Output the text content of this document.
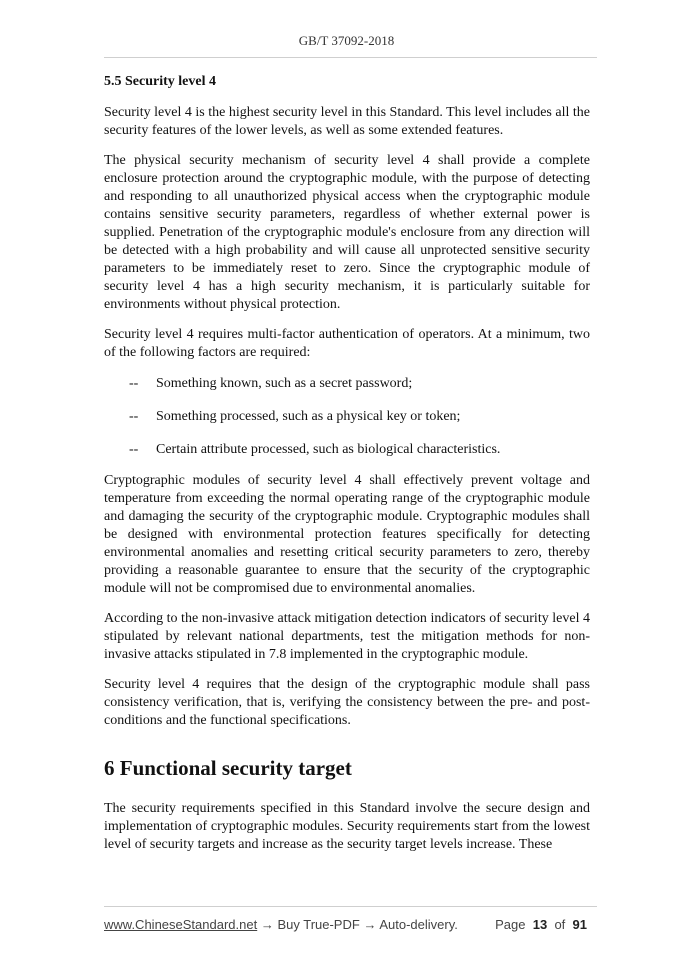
GB/T 37092-2018
5.5 Security level 4

Security level 4 is the highest security level in this Standard. This level includes all the security features of the lower levels, as well as some extended features.

The physical security mechanism of security level 4 shall provide a complete enclosure protection around the cryptographic module, with the purpose of detecting and responding to all unauthorized physical access when the cryptographic module contains sensitive security parameters, regardless of whether external power is supplied. Penetration of the cryptographic module's enclosure from any direction will be detected with a high probability and will cause all unprotected sensitive security parameters to be immediately reset to zero. Since the cryptographic module of security level 4 has a high security mechanism, it is particularly suitable for environments without physical protection.

Security level 4 requires multi-factor authentication of operators. At a minimum, two of the following factors are required:

--	Something known, such as a secret password;
--	Something processed, such as a physical key or token;
--	Certain attribute processed, such as biological characteristics.

Cryptographic modules of security level 4 shall effectively prevent voltage and temperature from exceeding the normal operating range of the cryptographic module and damaging the security of the cryptographic module. Cryptographic modules shall be designed with environmental protection features specifically for detecting environmental anomalies and resetting critical security parameters to zero, thereby providing a reasonable guarantee to ensure that the security of the cryptographic module will not be compromised due to environmental anomalies.

According to the non-invasive attack mitigation detection indicators of security level 4 stipulated by relevant national departments, test the mitigation methods for non-invasive attacks stipulated in 7.8 implemented in the cryptographic module.

Security level 4 requires that the design of the cryptographic module shall pass consistency verification, that is, verifying the consistency between the pre- and post-conditions and the functional specifications.

6 Functional security target

The security requirements specified in this Standard involve the secure design and implementation of cryptographic modules. Security requirements start from the lowest level of security targets and increase as the security target levels increase. These

www.ChineseStandard.net → Buy True-PDF → Auto-delivery.	Page 13 of 91
